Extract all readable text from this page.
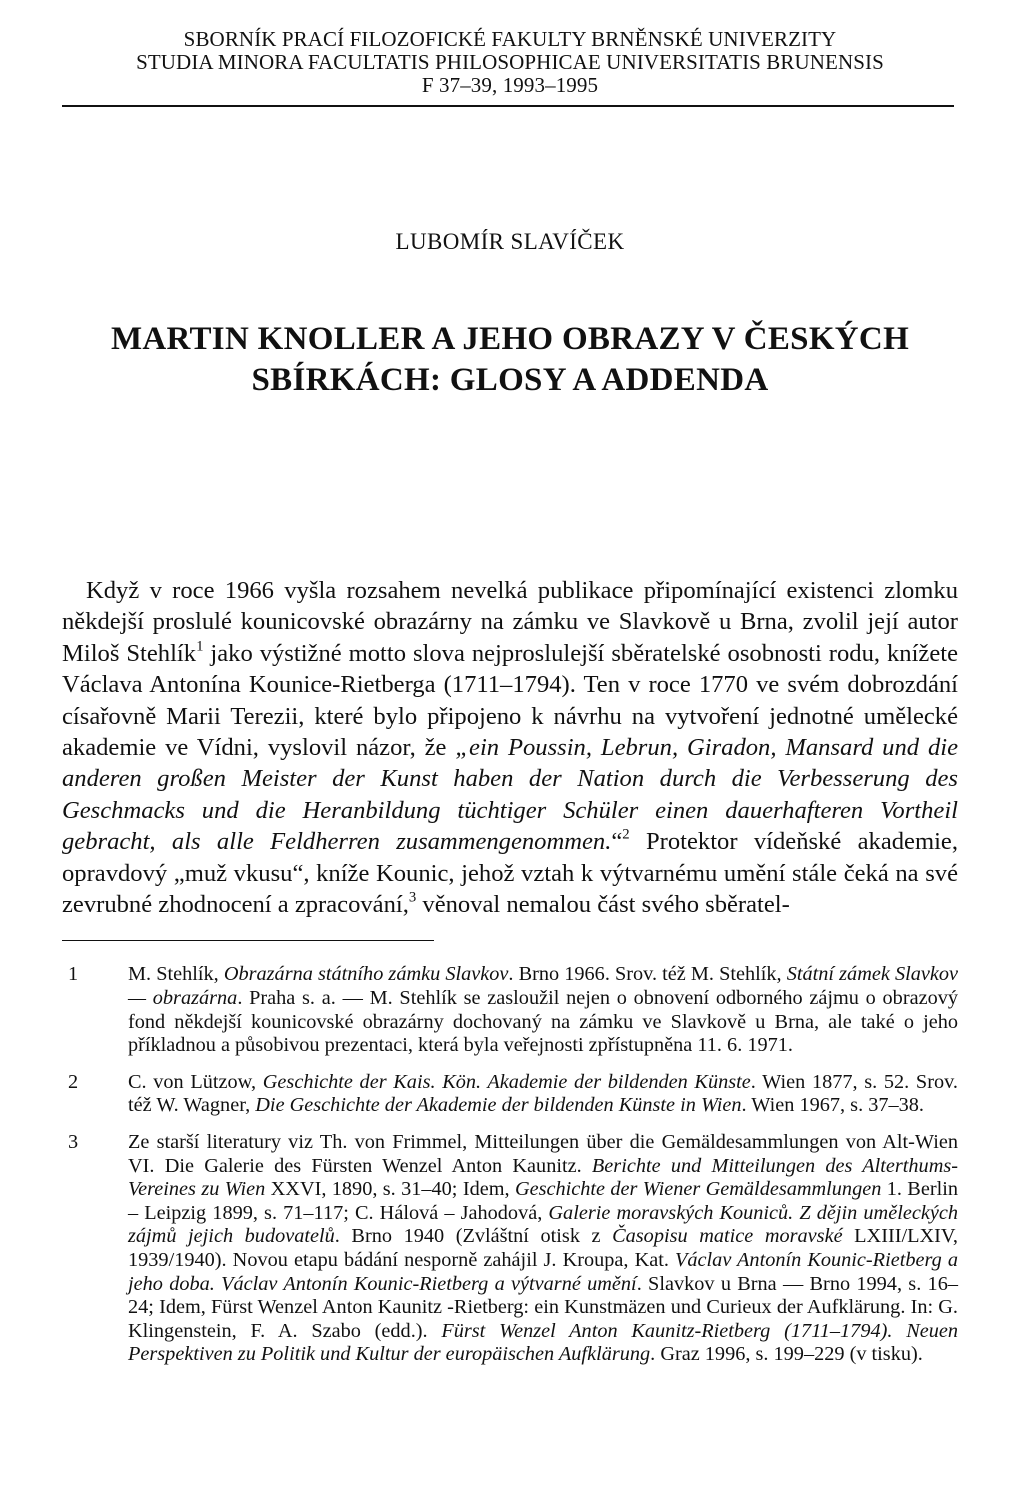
SBORNÍK PRACÍ FILOZOFICKÉ FAKULTY BRNĚNSKÉ UNIVERZITY
STUDIA MINORA FACULTATIS PHILOSOPHICAE UNIVERSITATIS BRUNENSIS
F 37–39, 1993–1995
LUBOMÍR SLAVÍČEK
MARTIN KNOLLER A JEHO OBRAZY V ČESKÝCH
SBÍRKÁCH: GLOSY A ADDENDA

Když v roce 1966 vyšla rozsahem nevelká publikace připomínající existenci zlomku někdejší proslulé kounicovské obrazárny na zámku ve Slavkově u Brna, zvolil její autor Miloš Stehlík$^1$ jako výstižné motto slova nejproslulejší sběratelské osobnosti rodu, knížete Václava Antonína Kounice-Rietberga (1711–1794). Ten v roce 1770 ve svém dobrozdání císařovně Marii Terezii, které bylo připojeno k návrhu na vytvoření jednotné umělecké akademie ve Vídni, vyslovil názor, že „ein Poussin, Lebrun, Giradon, Mansard und die anderen großen Meister der Kunst haben der Nation durch die Verbesserung des Geschmacks und die Heranbildung tüchtiger Schüler einen dauerhafteren Vortheil gebracht, als alle Feldherren zusammengenommen.“$^2$ Protektor vídeňské akademie, opravdový „muž vkusu“, kníže Kounic, jehož vztah k výtvarnému umění stále čeká na své zevrubné zhodnocení a zpracování,$^3$ věnoval nemalou část svého sběratel-

1	M. Stehlík, Obrazárna státního zámku Slavkov. Brno 1966. Srov. též M. Stehlík, Státní zámek Slavkov — obrazárna. Praha s. a. — M. Stehlík se zasloužil nejen o obnovení odborného zájmu o obrazový fond někdejší kounicovské obrazárny dochovaný na zámku ve Slavkově u Brna, ale také o jeho příkladnou a působivou prezentaci, která byla veřejnosti zpřístupněna 11. 6. 1971.
2	C. von Lützow, Geschichte der Kais. Kön. Akademie der bildenden Künste. Wien 1877, s. 52. Srov. též W. Wagner, Die Geschichte der Akademie der bildenden Künste in Wien. Wien 1967, s. 37–38.
3	Ze starší literatury viz Th. von Frimmel, Mitteilungen über die Gemäldesammlungen von Alt-Wien VI. Die Galerie des Fürsten Wenzel Anton Kaunitz. Berichte und Mitteilungen des Alterthums-Vereines zu Wien XXVI, 1890, s. 31–40; Idem, Geschichte der Wiener Gemäldesammlungen 1. Berlin – Leipzig 1899, s. 71–117; C. Hálová – Jahodová, Galerie moravských Kouniců. Z dějin uměleckých zájmů jejich budovatelů. Brno 1940 (Zvláštní otisk z Časopisu matice moravské LXIII/LXIV, 1939/1940). Novou etapu bádání nesporně zahájil J. Kroupa, Kat. Václav Antonín Kounic-Rietberg a jeho doba. Václav Antonín Kounic-Rietberg a výtvarné umění. Slavkov u Brna — Brno 1994, s. 16–24; Idem, Fürst Wenzel Anton Kaunitz -Rietberg: ein Kunstmäzen und Curieux der Aufklärung. In: G. Klingenstein, F. A. Szabo (edd.). Fürst Wenzel Anton Kaunitz-Rietberg (1711–1794). Neuen Perspektiven zu Politik und Kultur der europäischen Aufklärung. Graz 1996, s. 199–229 (v tisku).
